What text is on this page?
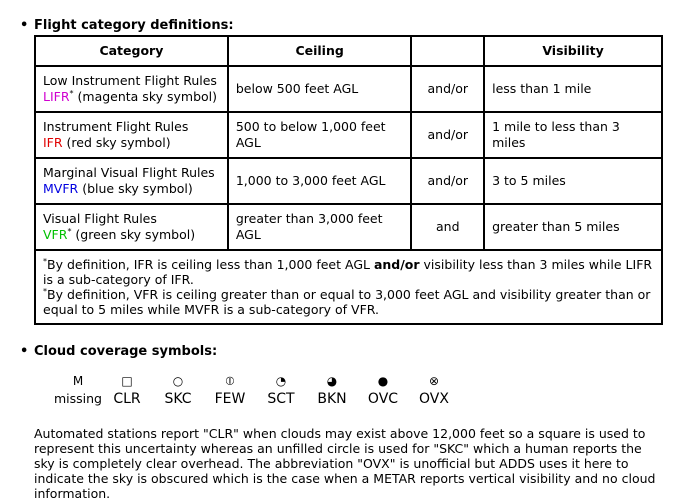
• Flight category definitions:
Category	Ceiling		Visibility
Low Instrument Flight Rules
LIFR* (magenta sky symbol)	below 500 feet AGL	and/or	less than 1 mile
Instrument Flight Rules
IFR (red sky symbol)	500 to below 1,000 feet AGL	and/or	1 mile to less than 3 miles
Marginal Visual Flight Rules
MVFR (blue sky symbol)	1,000 to 3,000 feet AGL	and/or	3 to 5 miles
Visual Flight Rules
VFR* (green sky symbol)	greater than 3,000 feet AGL	and	greater than 5 miles

*By definition, IFR is ceiling less than 1,000 feet AGL and/or visibility less than 3 miles while LIFR is a sub-category of IFR.

*By definition, VFR is ceiling greater than or equal to 3,000 feet AGL and visibility greater than or equal to 5 miles while MVFR is a sub-category of VFR.			

• Cloud coverage symbols:
M
missing
□
CLR
○
SKC
⦶
FEW
◔
SCT
◕
BKN
●
OVC
⊗
OVX

Automated stations report "CLR" when clouds may exist above 12,000 feet so a square is used to represent this uncertainty whereas an unfilled circle is used for "SKC" which a human reports the sky is completely clear overhead. The abbreviation "OVX" is unofficial but ADDS uses it here to indicate the sky is obscured which is the case when a METAR reports vertical visibility and no cloud information.
